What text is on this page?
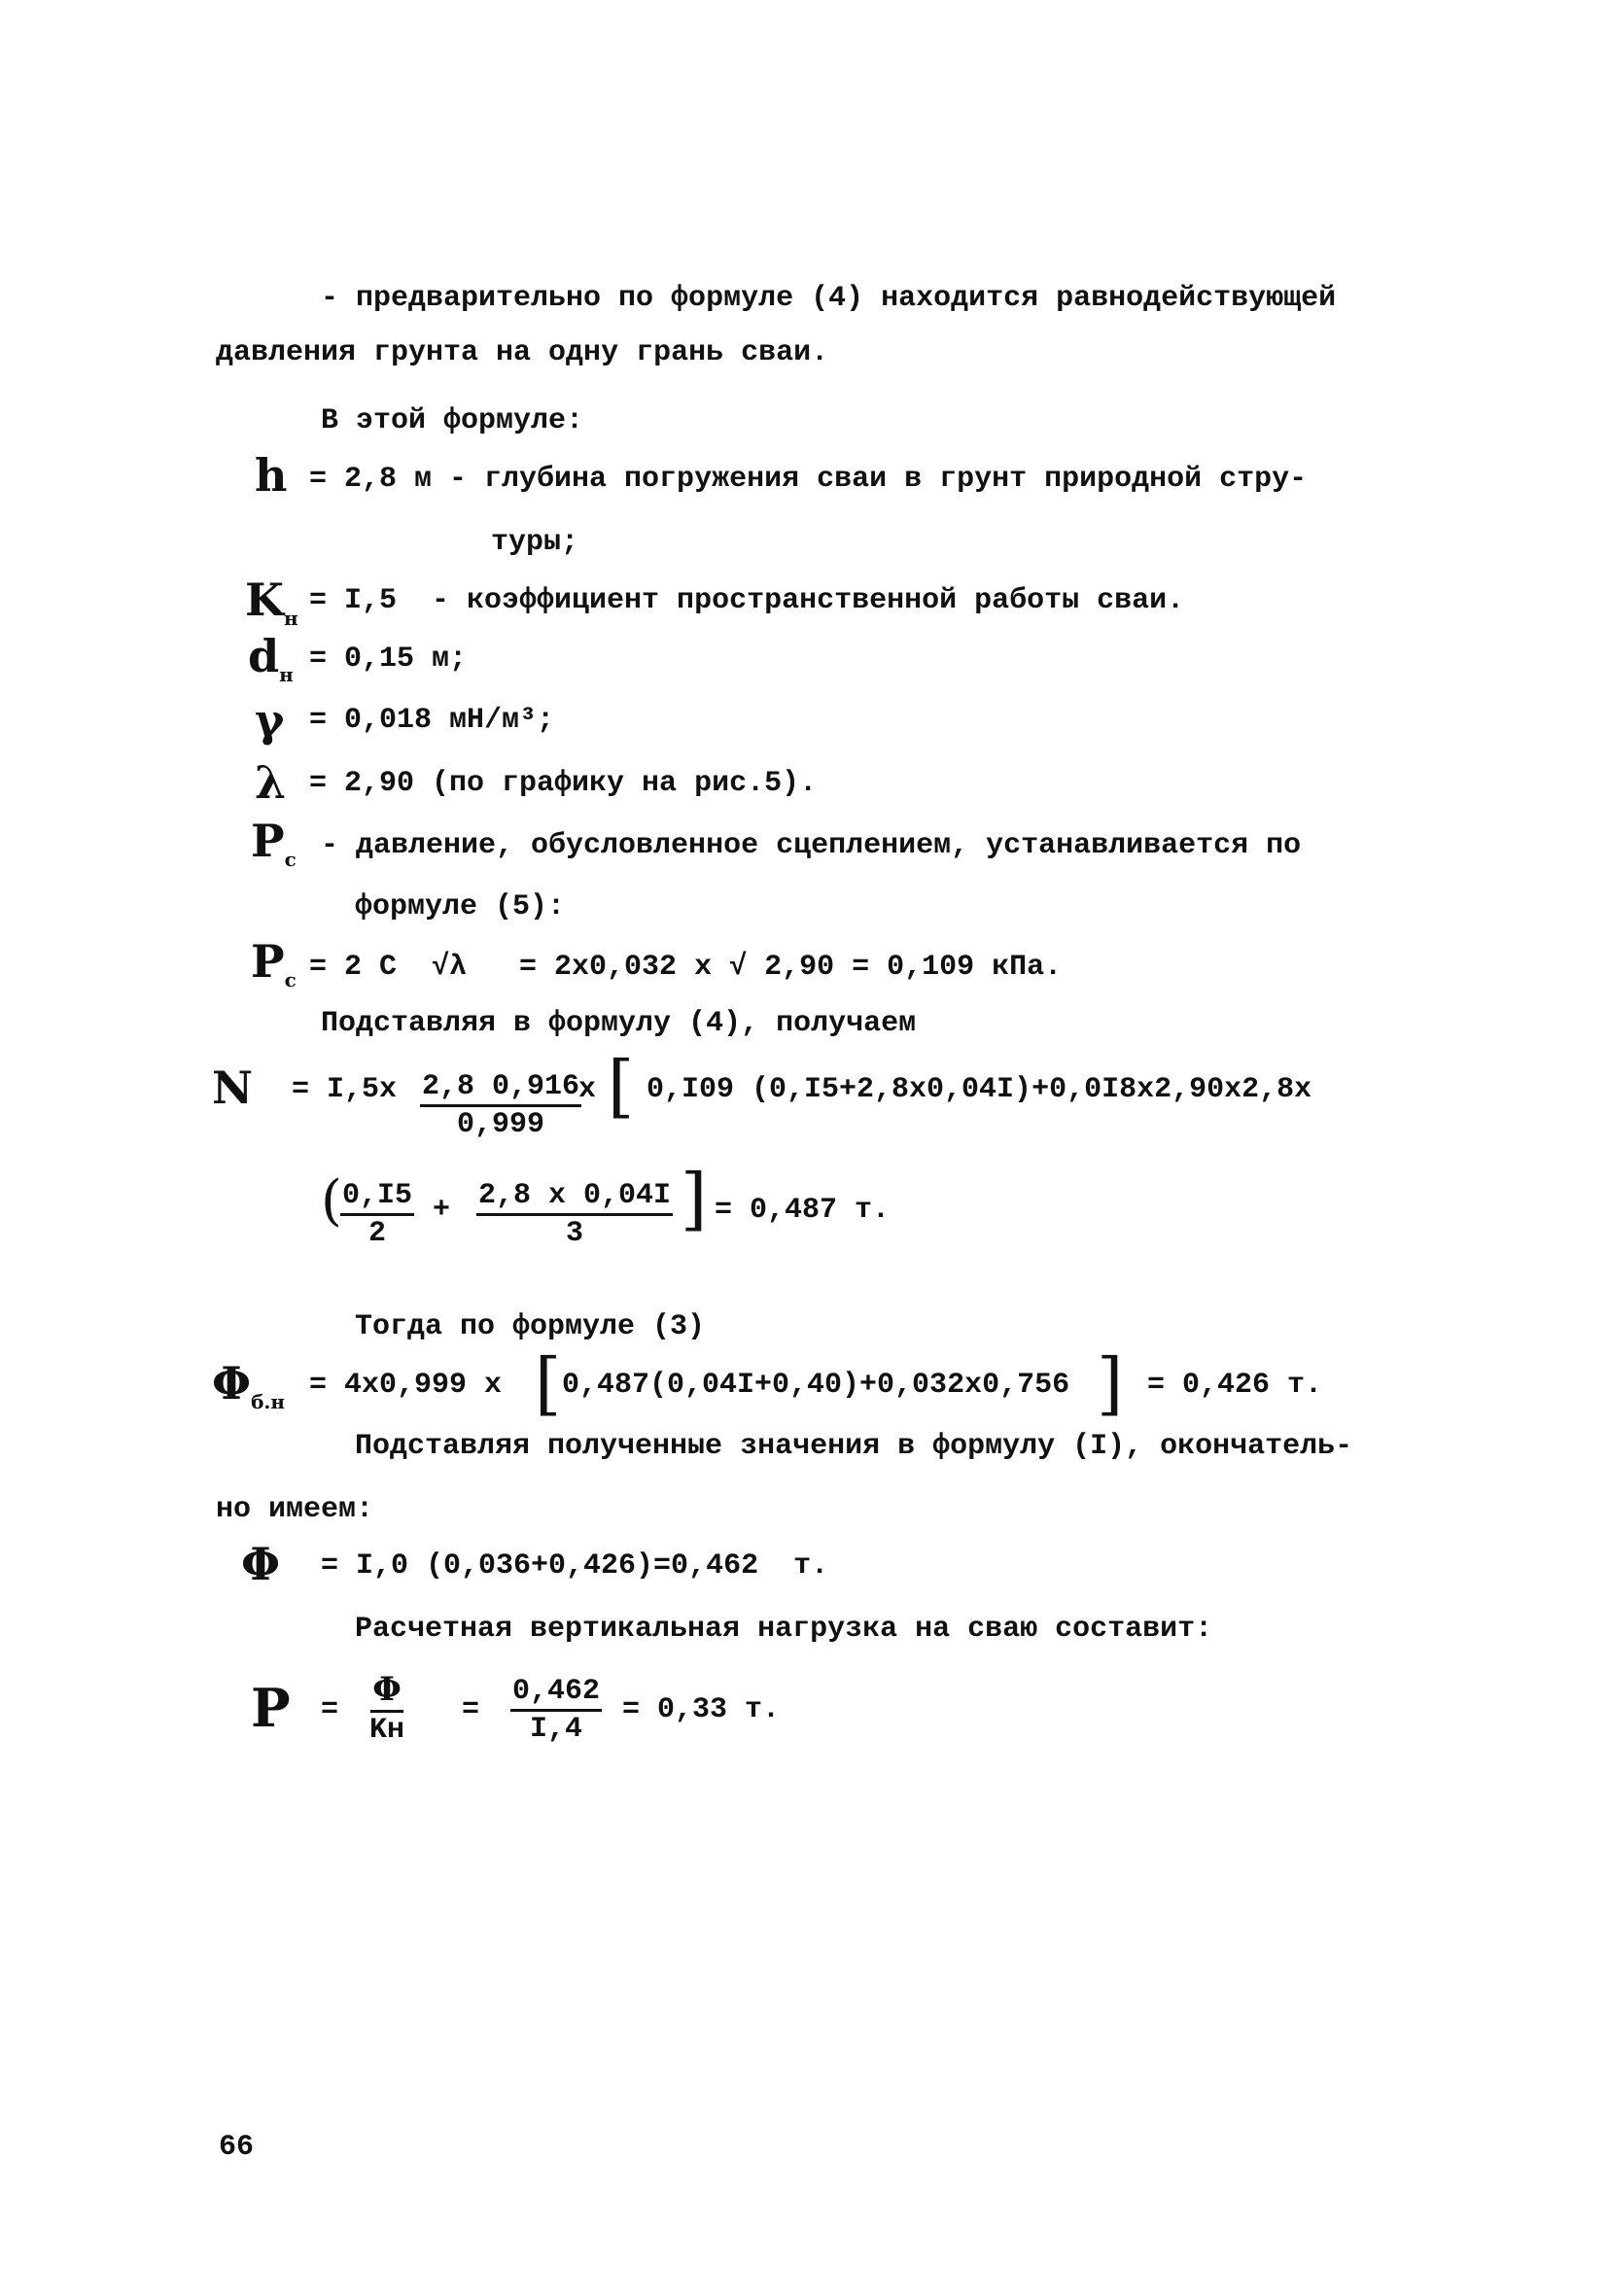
- предварительно по формуле (4) находится равнодействующей
давления грунта на одну грань сваи.
В этой формуле:
h = 2,8 м - глубина погружения сваи в грунт природной стру-
туры;
$K_н$
= I,5  - коэффициент пространственной работы сваи.
$d_н = 0,15$ м;
γ = 0,018 мН/м³;
λ = 2,90 (по графику на рис.5).
$P_c$ - давление, обусловленное сцеплением, устанавливается по
формуле (5):
$P_c = 2$ C  √λ   = 2x0,032 x √ 2,90 = 0,109 кПа.
Подставляя в формулу (4), получаем
$N = I,5x \frac{2,8 0,916}{0,999}$
x [ 0,I09 (0,I5+2,8x0,04I)+0,0I8x2,90x2,8x
(
$\frac{0,I5}{2} + \frac{2,8 x 0,04I}{3}$ ] = 0,487 т.
Тогда по формуле (3)
$\Phi_{б.н}$
= 4x0,999 x [ 0,487(0,04I+0,40)+0,032x0,756 ] = 0,426 т.
Подставляя полученные значения в формулу (I), окончатель-
но имеем:
Φ = I,0 (0,036+0,426)=0,462  т.
Расчетная вертикальная нагрузка на сваю составит:
P =
Φ
Kн
= $\frac{0,462}{I,4} = 0,33$ т.
66
